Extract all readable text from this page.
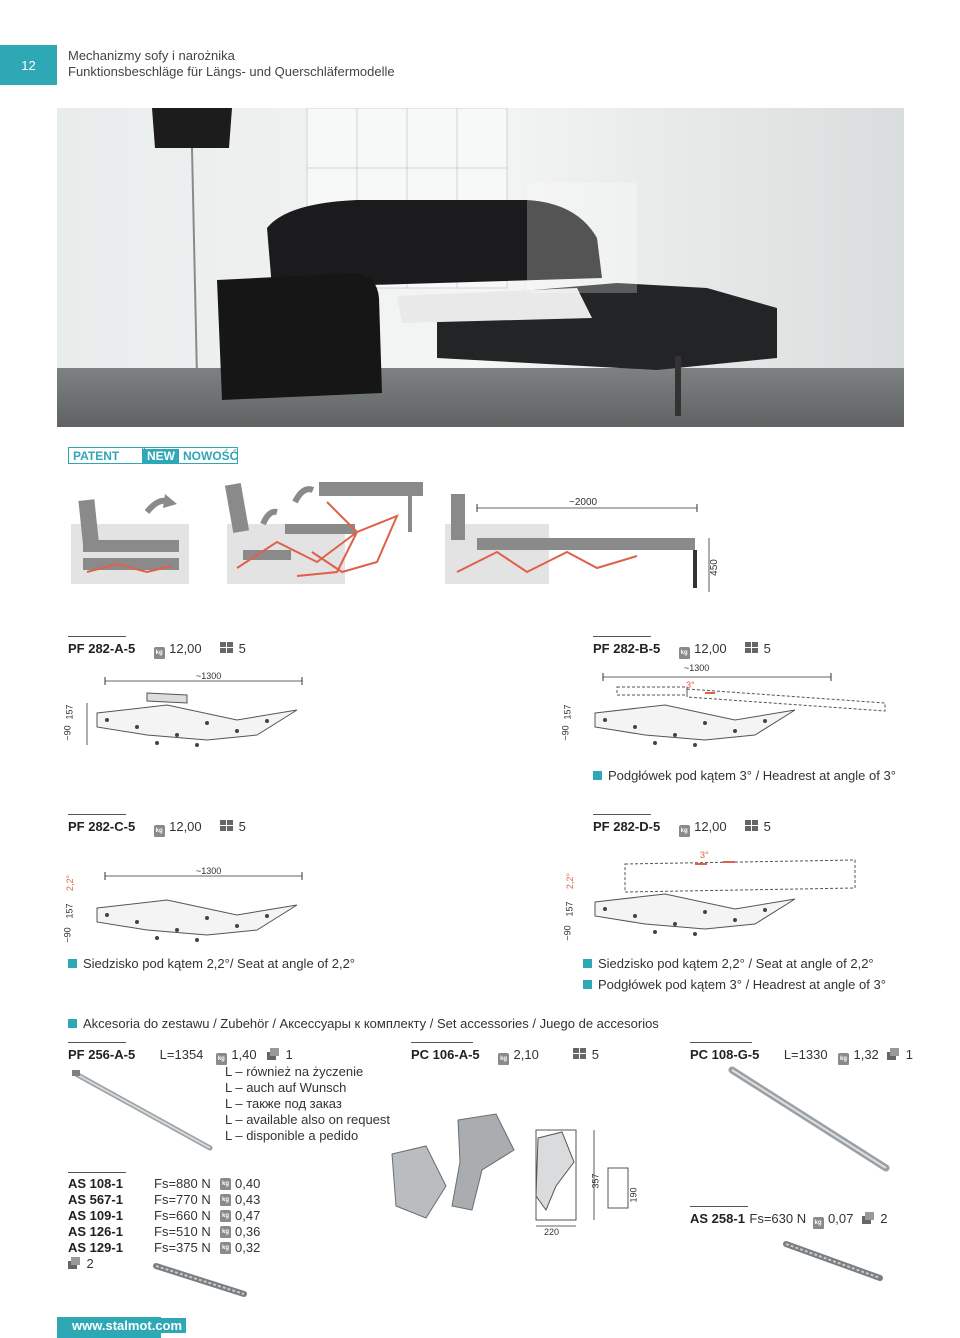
12
Mechanizmy sofy i narożnika
Funktionsbeschläge für Längs- und Querschläfermodelle
PATENT	NEW NOWOŚĆ
~2000
450
PF 282-A-5	kg 12,00	5
~1300
~90
157
PF 282-B-5	kg 12,00	5
~1300
3°
~90
157
Podgłówek pod kątem 3° / Headrest at angle of 3°
PF 282-C-5	kg 12,00	5
~1300
2,2°
~90
157
PF 282-D-5	kg 12,00	5
3°
2,2°
~90
157
Siedzisko pod kątem 2,2°/ Seat at angle of 2,2°	Siedzisko pod kątem 2,2° / Seat at angle of 2,2°
Podgłówek pod kątem 3° / Headrest at angle of 3°
Akcesoria do zestawu / Zubehör / Аксессуары к комплекту / Set accessories / Juego de accesorios
PF 256-A-5 L=1354 kg 1,40 1
L – również na życzenie
L – auch auf Wunsch
L – также под заказ
L – available also on request
L – disponible a pedido
PC 106-A-5	kg 2,10	5
220
357
190
PC 108-G-5 L=1330 kg 1,32 1
AS 108-1	Fs=880 N	kg 0,40
AS 567-1	Fs=770 N	kg 0,43
AS 109-1	Fs=660 N	kg 0,47
AS 126-1	Fs=510 N	kg 0,36
AS 129-1	Fs=375 N	kg 0,32
2
AS 258-1 Fs=630 N kg 0,07 2
www.stalmot.com
